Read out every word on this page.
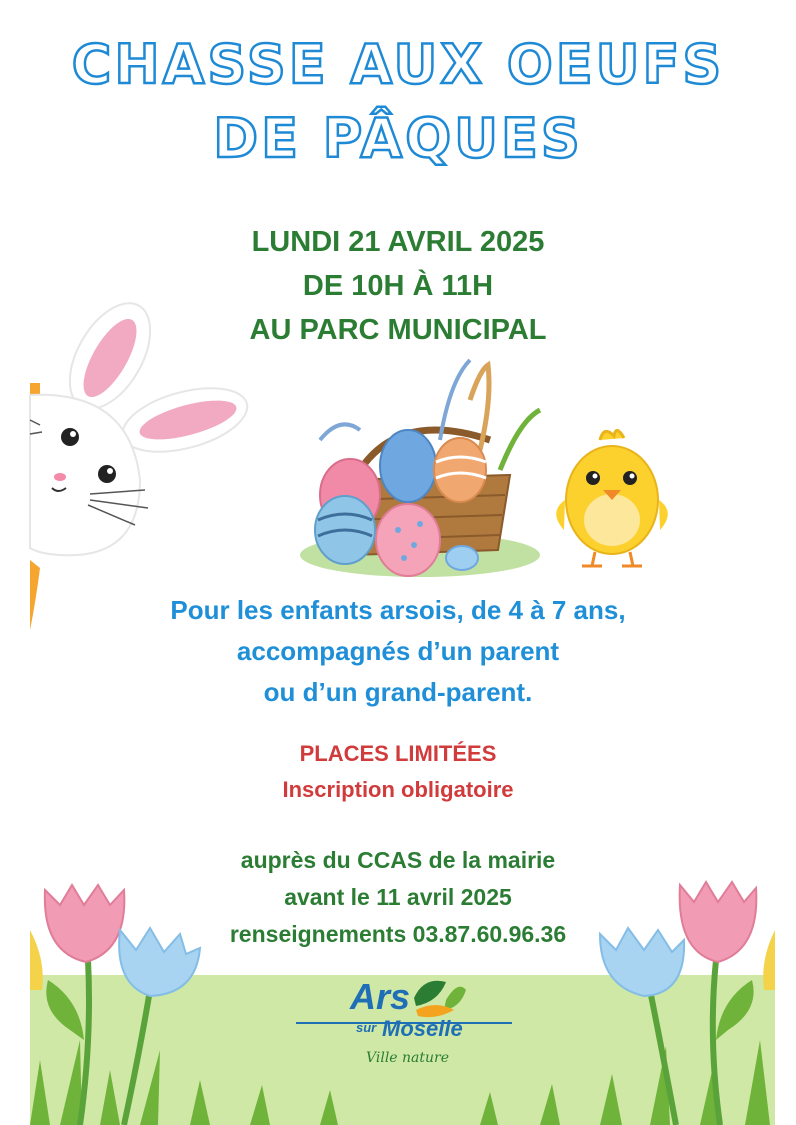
CHASSE AUX OEUFS
DE PÂQUES
LUNDI 21 AVRIL 2025
DE 10H À 11H
AU PARC MUNICIPAL
Pour les enfants arsois, de 4 à 7 ans,
accompagnés d’un parent
ou d’un grand-parent.
PLACES LIMITÉES
Inscription obligatoire
auprès du CCAS de la mairie
avant le 11 avril 2025
renseignements 03.87.60.96.36
Ars
sur Moselle
Ville nature
